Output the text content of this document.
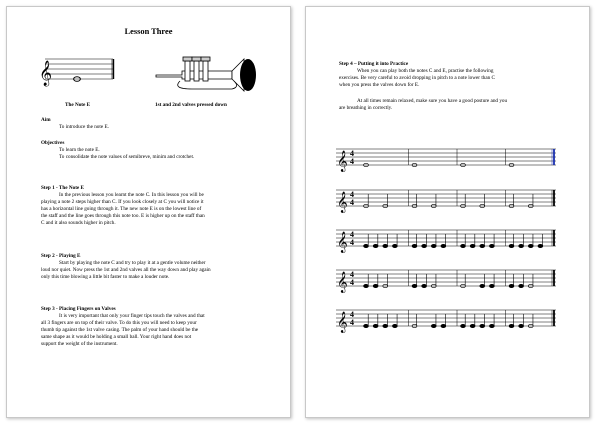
Lesson Three
𝄞
The Note E	1st and 2nd valves pressed down
Aim
To introduce the note E.
Objectives
To learn the note E.
To consolidate the note values of semibreve, minim and crotchet.
Step 1 - The Note E
In the previous lesson you learnt the note C. In this lesson you will be
playing a note 2 steps higher than C. If you look closely at C you will notice it
has a horizontal line going through it. The new note E is on the lowest line of
the staff and the line goes through this note too. E is higher up on the staff than
C and it also sounds higher in pitch.
Step 2 - Playing E
Start by playing the note C and try to play it at a gentle volume neither
loud nor quiet. Now press the 1st and 2nd valves all the way down and play again
only this time blowing a little bit faster to make a louder note.
Step 3 - Placing Fingers on Valves
It is very important that only your finger tips touch the valves and that
all 3 fingers are on top of their valve. To do this you will need to keep your
thumb tip against the 1st valve casing. The palm of your hand should be the
same shape as it would be holding a small ball. Your right hand does not
support the weight of the instrument.
Step 4 – Putting it into Practice
When you can play both the notes C and E, practise the following
exercises. Be very careful to avoid dropping in pitch to a note lower than C
when you press the valves down for E.
At all times remain relaxed, make sure you have a good posture and you
are breathing in correctly.
𝄞 4
4
𝄞 4
4
𝄞 4
4
𝄞 4
4
𝄞 4
4
